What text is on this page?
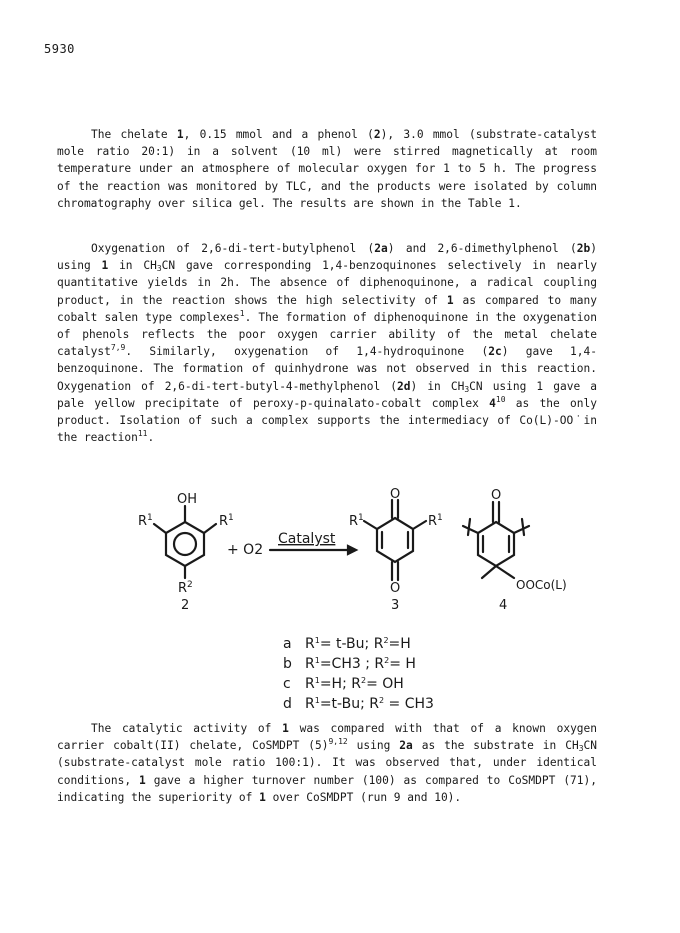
5930

The chelate 1, 0.15 mmol and a phenol (2), 3.0 mmol (substrate-catalyst mole ratio 20:1) in a solvent (10 ml) were stirred magnetically at room temperature under an atmosphere of molecular oxygen for 1 to 5 h. The progress of the reaction was monitored by TLC, and the products were isolated by column chromatography over silica gel. The results are shown in the Table 1.

Oxygenation of 2,6-di-tert-butylphenol (2a) and 2,6-dimethylphenol (2b) using 1 in $CH_3CN$ gave corresponding 1,4-benzoquinones selectively in nearly quantitative yields in 2h. The absence of diphenoquinone, a radical coupling product, in the reaction shows the high selectivity of 1 as compared to many cobalt salen type complexes$^1$. The formation of diphenoquinone in the oxygenation of phenols reflects the poor oxygen carrier ability of the metal chelate catalyst$^{7,9}$. Similarly, oxygenation of 1,4-hydroquinone (2c) gave 1,4-benzoquinone. The formation of quinhydrone was not observed in this reaction. Oxygenation of 2,6-di-tert-butyl-4-methylphenol (2d) in $CH_3CN$ using 1 gave a pale yellow precipitate of peroxy-p-quinalato-cobalt complex $4^{10}$ as the only product. Isolation of such a complex supports the intermediacy of Co(L)-OO˙in the reaction$^{11}$.

OH
$R^1$	$R^1$
$R^2$
2
+ O2
Catalyst
O
$R^1$	$R^1$
O
3
O
OOCo(L)
4
a $R^1= t-Bu$; $R^2=H$
b $R^1=CH3$ ; $R^2= H$
c $R^1=H$; $R^2=$ OH
d $R^1=t-Bu$; $R^2 = CH3$

The catalytic activity of 1 was compared with that of a known oxygen carrier cobalt(II) chelate, CoSMDPT $(5)^{9,12}$ using 2a as the substrate in $CH_3CN$ (substrate-catalyst mole ratio 100:1). It was observed that, under identical conditions, 1 gave a higher turnover number (100) as compared to CoSMDPT (71), indicating the superiority of 1 over CoSMDPT (run 9 and 10).
